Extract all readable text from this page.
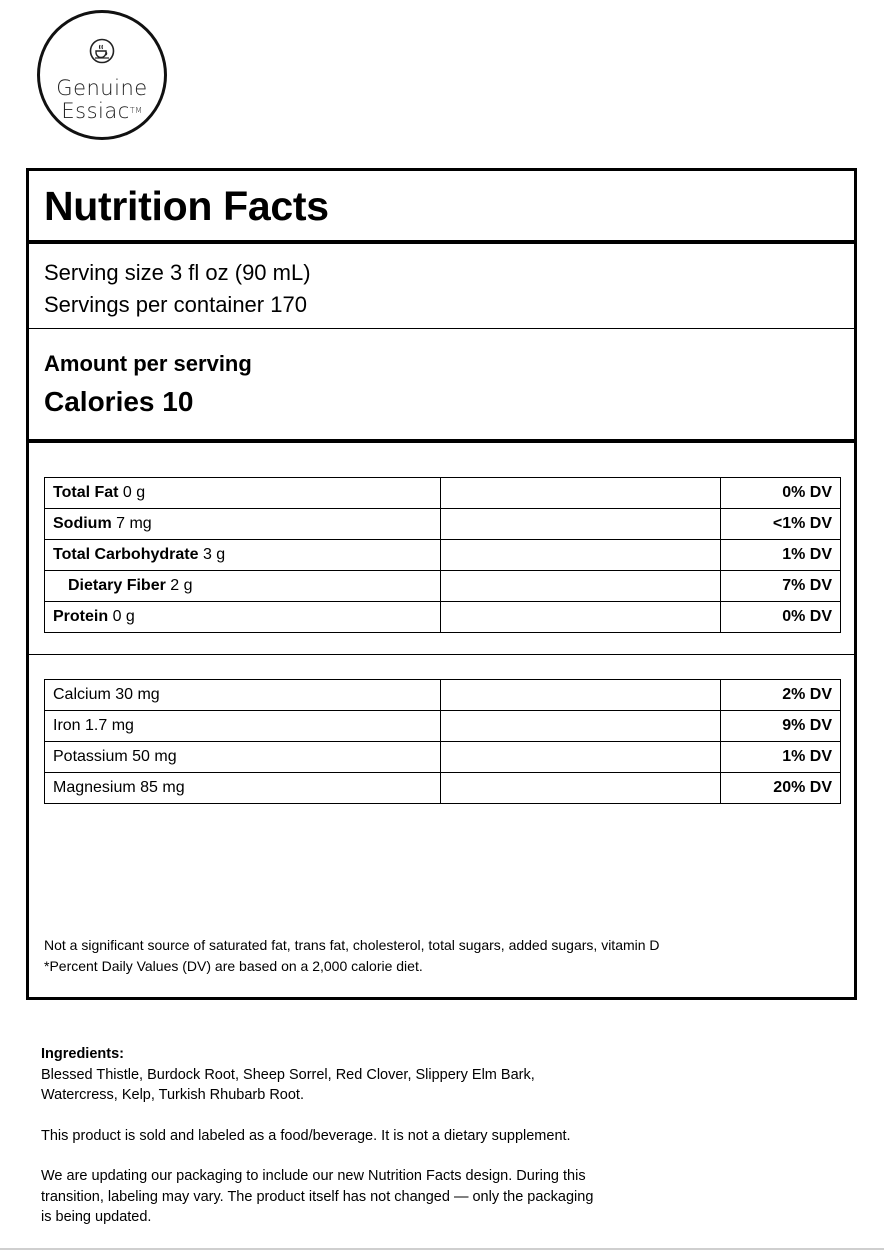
Genuine
Essiac™
Nutrition Facts
Serving size 3 fl oz (90 mL)
Servings per container 170
Amount per serving
Calories 10
Total Fat 0 g		0% DV
Sodium 7 mg		<1% DV
Total Carbohydrate 3 g		1% DV
Dietary Fiber 2 g		7% DV
Protein 0 g		0% DV
Calcium 30 mg		2% DV
Iron 1.7 mg		9% DV
Potassium 50 mg		1% DV
Magnesium 85 mg		20% DV
Not a significant source of saturated fat, trans fat, cholesterol, total sugars, added sugars, vitamin D
*Percent Daily Values (DV) are based on a 2,000 calorie diet.
Ingredients:
Blessed Thistle, Burdock Root, Sheep Sorrel, Red Clover, Slippery Elm Bark,
Watercress, Kelp, Turkish Rhubarb Root.
This product is sold and labeled as a food/beverage. It is not a dietary supplement.
We are updating our packaging to include our new Nutrition Facts design. During this
transition, labeling may vary. The product itself has not changed — only the packaging
is being updated.
